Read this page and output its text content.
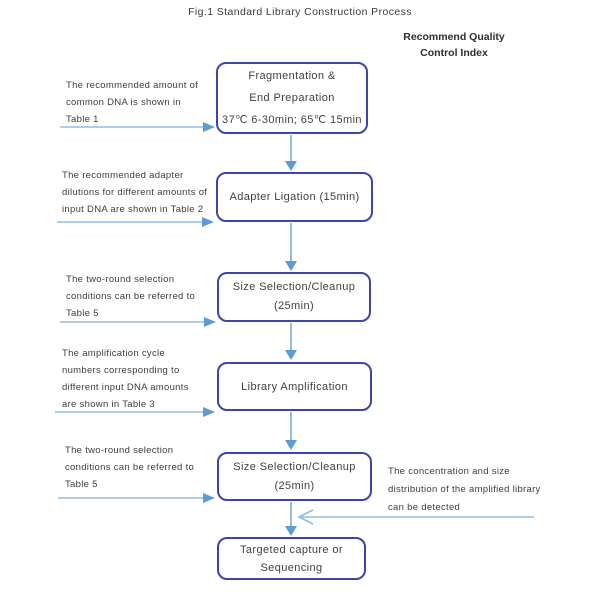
Fig.1 Standard Library Construction Process
Recommend Quality
Control Index
Fragmentation &
End Preparation
37℃ 6-30min; 65℃ 15min
Adapter Ligation (15min)
Size Selection/Cleanup
(25min)
Library Amplification
Size Selection/Cleanup
(25min)
Targeted capture or
Sequencing
The recommended amount of
common DNA is shown in
Table 1
The recommended adapter
dilutions for different amounts of
input DNA are shown in Table 2
The two-round selection
conditions can be referred to
Table 5
The amplification cycle
numbers corresponding to
different input DNA amounts
are shown in Table 3
The two-round selection
conditions can be referred to
Table 5
The concentration and size
distribution of the amplified library
can be detected
